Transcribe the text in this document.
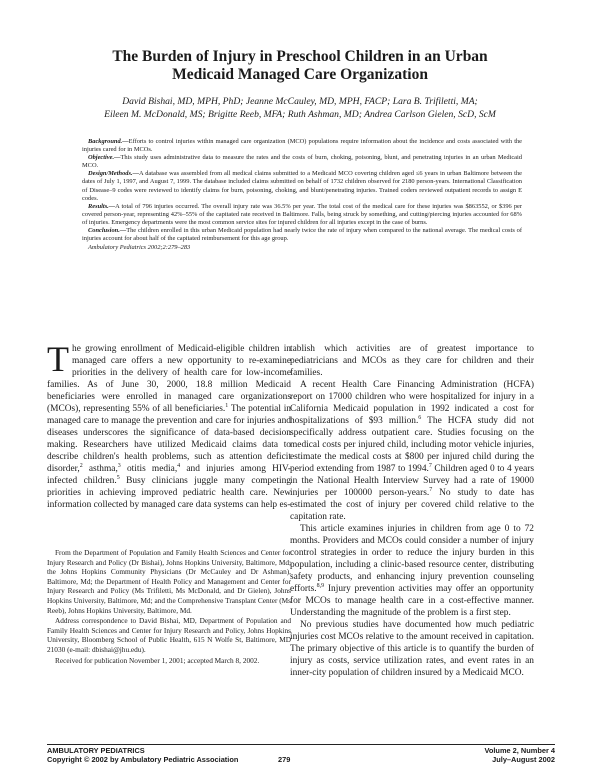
The Burden of Injury in Preschool Children in an Urban
Medicaid Managed Care Organization
David Bishai, MD, MPH, PhD; Jeanne McCauley, MD, MPH, FACP; Lara B. Trifiletti, MA;
Eileen M. McDonald, MS; Brigitte Reeb, MFA; Ruth Ashman, MD; Andrea Carlson Gielen, ScD, ScM

Background.—Efforts to control injuries within managed care organization (MCO) populations require information about the incidence and costs associated with the injuries cared for in MCOs.

Objective.—This study uses administrative data to measure the rates and the costs of burn, choking, poisoning, blunt, and penetrating injuries in an urban Medicaid MCO.

Design/Methods.—A database was assembled from all medical claims submitted to a Medicaid MCO covering children aged ≤6 years in urban Baltimore between the dates of July 1, 1997, and August 7, 1999. The database included claims submitted on behalf of 1732 children observed for 2180 person-years. International Classification of Disease–9 codes were reviewed to identify claims for burn, poisoning, choking, and blunt/penetrating injuries. Trained coders reviewed outpatient records to assign E codes.

Results.—A total of 796 injuries occurred. The overall injury rate was 36.5% per year. The total cost of the medical care for these injuries was $863552, or $396 per covered person-year, representing 42%–55% of the capitated rate received in Baltimore. Falls, being struck by something, and cutting/piercing injuries accounted for 68% of injuries. Emergency departments were the most common service sites for injured children for all injuries except in the case of burns.

Conclusion.—The children enrolled in this urban Medicaid population had nearly twice the rate of injury when compared to the national average. The medical costs of injuries account for about half of the capitated reimbursement for this age group.

Ambulatory Pediatrics 2002;2:279–283

The growing enrollment of Medicaid-eligible children in managed care offers a new opportunity to re-examine priorities in the delivery of health care for low-income families. As of June 30, 2000, 18.8 million Medicaid beneficiaries were enrolled in managed care organizations (MCOs), representing 55% of all beneficiaries.$^1$ The potential in managed care to manage the prevention and care for injuries and diseases underscores the significance of data-based decision making. Researchers have utilized Medicaid claims data to describe children's health problems, such as attention deficit disorder,$^2$ asthma,$^3$ otitis media,$^4$ and injuries among HIV-infected children.$^5$ Busy clinicians juggle many competing priorities in achieving improved pediatric health care. New information collected by managed care data systems can help es-

From the Department of Population and Family Health Sciences and Center for Injury Research and Policy (Dr Bishai), Johns Hopkins University, Baltimore, Md; the Johns Hopkins Community Physicians (Dr McCauley and Dr Ashman), Baltimore, Md; the Department of Health Policy and Management and Center for Injury Research and Policy (Ms Trifiletti, Ms McDonald, and Dr Gielen), Johns Hopkins University, Baltimore, Md; and the Comprehensive Transplant Center (Ms Reeb), Johns Hopkins University, Baltimore, Md.

Address correspondence to David Bishai, MD, Department of Population and Family Health Sciences and Center for Injury Research and Policy, Johns Hopkins University, Bloomberg School of Public Health, 615 N Wolfe St, Baltimore, MD 21030 (e-mail: dbishai@jhu.edu).

Received for publication November 1, 2001; accepted March 8, 2002.

tablish which activities are of greatest importance to pediatricians and MCOs as they care for children and their families.

A recent Health Care Financing Administration (HCFA) report on 17000 children who were hospitalized for injury in a California Medicaid population in 1992 indicated a cost for hospitalizations of $93 million.$^6$ The HCFA study did not specifically address outpatient care. Studies focusing on the medical costs per injured child, including motor vehicle injuries, estimate the medical costs at $800 per injured child during the period extending from 1987 to 1994.$^7$ Children aged 0 to 4 years in the National Health Interview Survey had a rate of 19000 injuries per 100000 person-years.$^7$ No study to date has estimated the cost of injury per covered child relative to the capitation rate.

This article examines injuries in children from age 0 to 72 months. Providers and MCOs could consider a number of injury control strategies in order to reduce the injury burden in this population, including a clinic-based resource center, distributing safety products, and enhancing injury prevention counseling efforts.$^{8,9}$ Injury prevention activities may offer an opportunity for MCOs to manage health care in a cost-effective manner. Understanding the magnitude of the problem is a first step.

No previous studies have documented how much pediatric injuries cost MCOs relative to the amount received in capitation. The primary objective of this article is to quantify the burden of injury as costs, service utilization rates, and event rates in an inner-city population of children insured by a Medicaid MCO.

AMBULATORY PEDIATRICS
Copyright © 2002 by Ambulatory Pediatric Association	279
Volume 2, Number 4
July–August 2002
